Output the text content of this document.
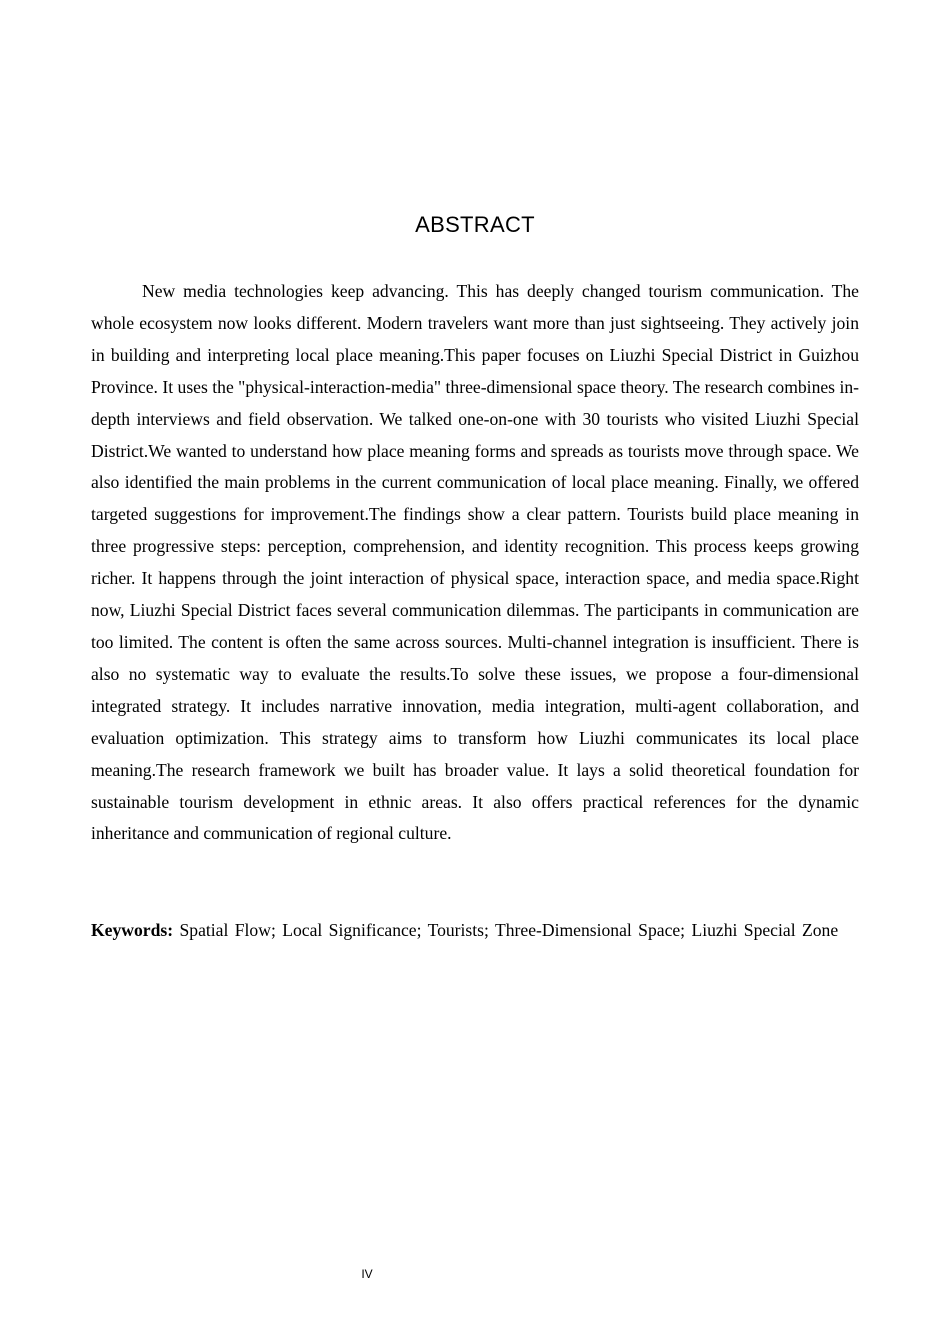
ABSTRACT

New media technologies keep advancing. This has deeply changed tourism communication. The whole ecosystem now looks different. Modern travelers want more than just sightseeing. They actively join in building and interpreting local place meaning.This paper focuses on Liuzhi Special District in Guizhou Province. It uses the "physical-interaction-media" three-dimensional space theory. The research combines in-depth interviews and field observation. We talked one-on-one with 30 tourists who visited Liuzhi Special District.We wanted to understand how place meaning forms and spreads as tourists move through space. We also identified the main problems in the current communication of local place meaning. Finally, we offered targeted suggestions for improvement.The findings show a clear pattern. Tourists build place meaning in three progressive steps: perception, comprehension, and identity recognition. This process keeps growing richer. It happens through the joint interaction of physical space, interaction space, and media space.Right now, Liuzhi Special District faces several communication dilemmas. The participants in communication are too limited. The content is often the same across sources. Multi-channel integration is insufficient. There is also no systematic way to evaluate the results.To solve these issues, we propose a four-dimensional integrated strategy. It includes narrative innovation, media integration, multi-agent collaboration, and evaluation optimization. This strategy aims to transform how Liuzhi communicates its local place meaning.The research framework we built has broader value. It lays a solid theoretical foundation for sustainable tourism development in ethnic areas. It also offers practical references for the dynamic inheritance and communication of regional culture.

Keywords: Spatial Flow; Local Significance; Tourists; Three-Dimensional Space; Liuzhi Special Zone

IV
